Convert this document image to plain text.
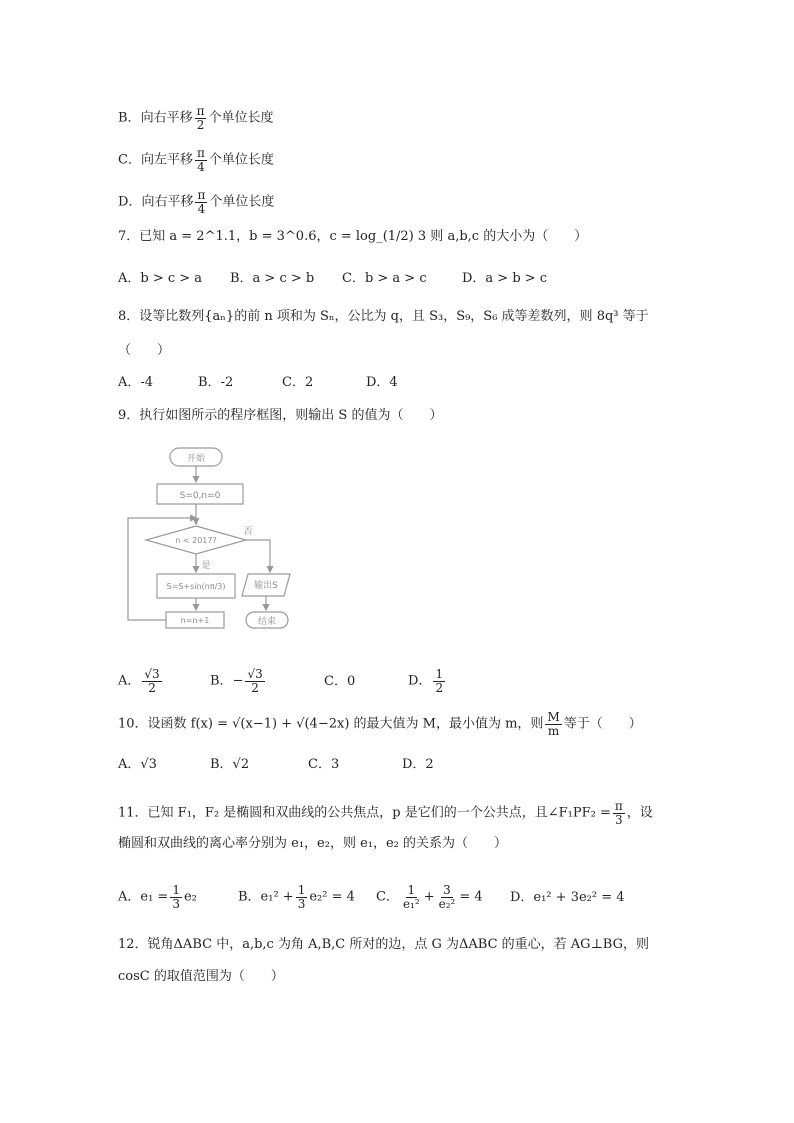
B．向右平移 $\frac{\pi}{2}$ 个单位长度
C．向左平移 $\frac{\pi}{4}$ 个单位长度
D．向右平移 $\frac{\pi}{4}$ 个单位长度
7．已知 a = 2^1.1，b = 3^0.6，c = log_(1/2) 3 则 a,b,c 的大小为（　　）
A．b > c > a B．a > c > b C．b > a > c	D．a > b > c
8．设等比数列{aₙ}的前 n 项和为 Sₙ，公比为 q，且 S₃，S₉，S₆ 成等差数列，则 8q³ 等于
（　　）
A．-4	B．-2	C．2	D．4
9．执行如图所示的程序框图，则输出 S 的值为（　　）
开始
S=0,n=0
n < 2017?
否
是
S=S+sin(nπ/3)	输出S
n=n+1	结束
A． $\frac{√3}{2}$	B．− $\frac{√3}{2}$	C．0	D． $\frac{1}{2}$
10．设函数 f(x) = √(x−1) + √(4−2x) 的最大值为 M，最小值为 m，则 $\frac{M}{m}$ 等于（　　）
A．√3	B．√2	C．3	D．2
11．已知 F₁，F₂ 是椭圆和双曲线的公共焦点，p 是它们的一个公共点，且∠F₁PF₂ = $\frac{\pi}{3}$ ，设
椭圆和双曲线的离心率分别为 e₁，e₂，则 e₁，e₂ 的关系为（　　）
A．$e_1 = \frac{1}{3} e_2$	B．$e_1^2 + \frac{1}{3} e_2^2 = 4$ C． $\frac{1}{\text{e₁²}} + \frac{3}{\text{e₂²}} = 4$ D．e₁² + 3e₂² = 4
12．锐角ΔABC 中，a,b,c 为角 A,B,C 所对的边，点 G 为ΔABC 的重心，若 AG⊥BG，则
cosC 的取值范围为（　　）
